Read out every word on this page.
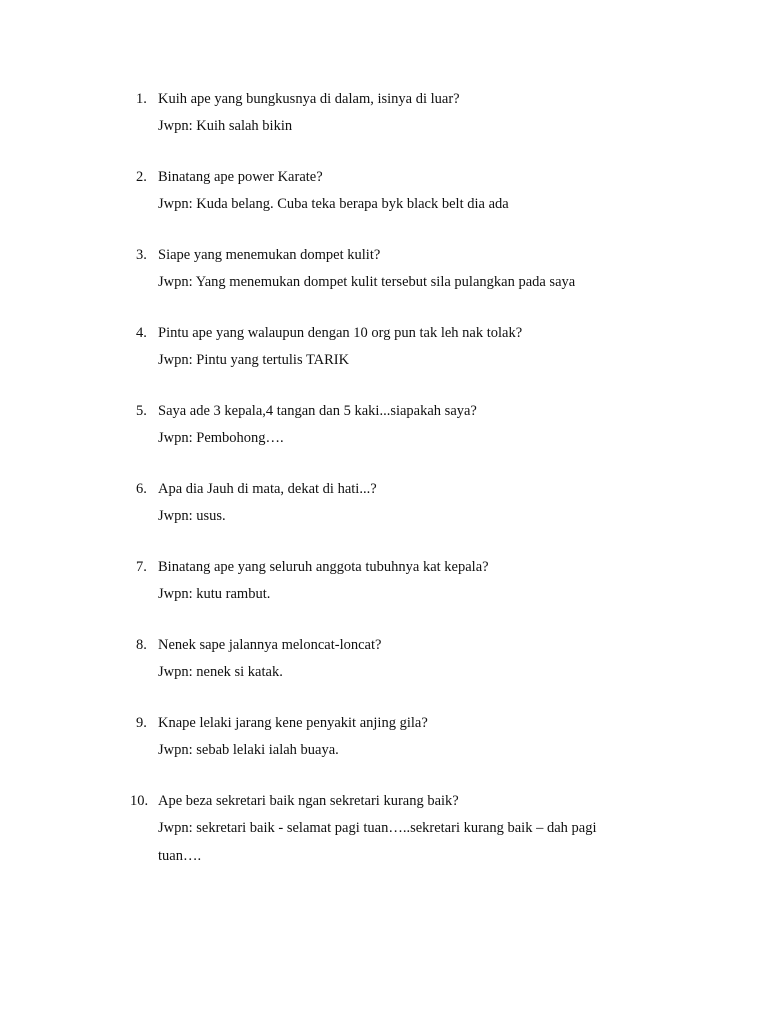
1. Kuih ape yang bungkusnya di dalam, isinya di luar?
Jwpn: Kuih salah bikin
2. Binatang ape power Karate?
Jwpn: Kuda belang. Cuba teka berapa byk black belt dia ada
3. Siape yang menemukan dompet kulit?
Jwpn: Yang menemukan dompet kulit tersebut sila pulangkan pada saya
4. Pintu ape yang walaupun dengan 10 org pun tak leh nak tolak?
Jwpn: Pintu yang tertulis TARIK
5. Saya ade 3 kepala,4 tangan dan 5 kaki...siapakah saya?
Jwpn: Pembohong….
6. Apa dia Jauh di mata, dekat di hati...?
Jwpn: usus.
7. Binatang ape yang seluruh anggota tubuhnya kat kepala?
Jwpn: kutu rambut.
8. Nenek sape jalannya meloncat-loncat?
Jwpn: nenek si katak.
9. Knape lelaki jarang kene penyakit anjing gila?
Jwpn: sebab lelaki ialah buaya.
10. Ape beza sekretari baik ngan sekretari kurang baik?
Jwpn: sekretari baik - selamat pagi tuan…..sekretari kurang baik – dah pagi
tuan….
